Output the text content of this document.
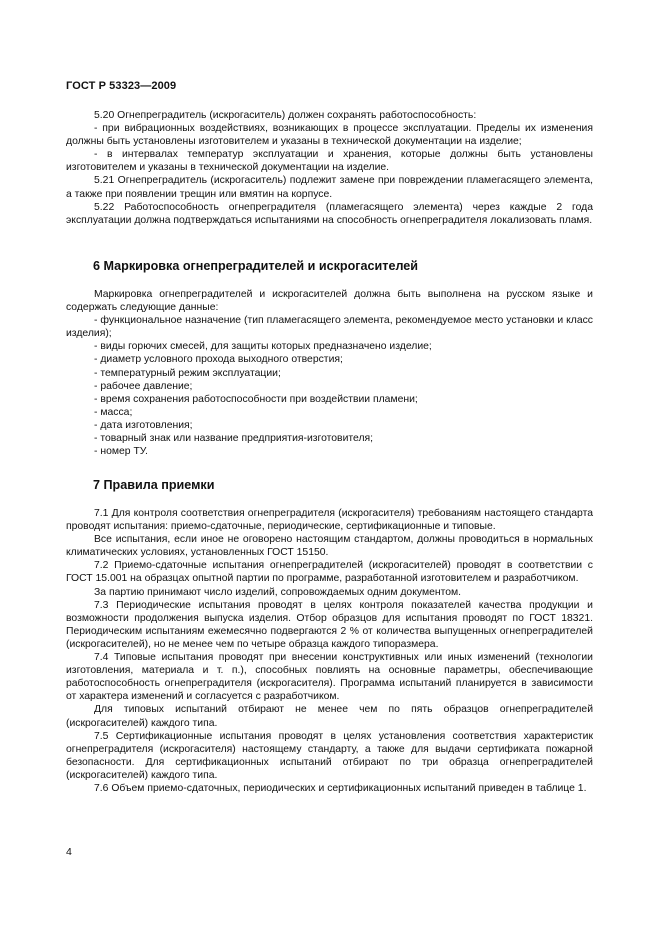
ГОСТ Р 53323—2009

5.20 Огнепреградитель (искрогаситель) должен сохранять работоспособность:

- при вибрационных воздействиях, возникающих в процессе эксплуатации. Пределы их изменения должны быть установлены изготовителем и указаны в технической документации на изделие;

- в интервалах температур эксплуатации и хранения, которые должны быть установлены изготовителем и указаны в технической документации на изделие.

5.21 Огнепреградитель (искрогаситель) подлежит замене при повреждении пламегасящего элемента, а также при появлении трещин или вмятин на корпусе.

5.22 Работоспособность огнепреградителя (пламегасящего элемента) через каждые 2 года эксплуатации должна подтверждаться испытаниями на способность огнепреградителя локализовать пламя.

6 Маркировка огнепреградителей и искрогасителей

Маркировка огнепреградителей и искрогасителей должна быть выполнена на русском языке и содержать следующие данные:

- функциональное назначение (тип пламегасящего элемента, рекомендуемое место установки и класс изделия);

- виды горючих смесей, для защиты которых предназначено изделие;

- диаметр условного прохода выходного отверстия;

- температурный режим эксплуатации;

- рабочее давление;

- время сохранения работоспособности при воздействии пламени;

- масса;

- дата изготовления;

- товарный знак или название предприятия-изготовителя;

- номер ТУ.

7 Правила приемки

7.1 Для контроля соответствия огнепреградителя (искрогасителя) требованиям настоящего стандарта проводят испытания: приемо-сдаточные, периодические, сертификационные и типовые.

Все испытания, если иное не оговорено настоящим стандартом, должны проводиться в нормальных климатических условиях, установленных ГОСТ 15150.

7.2 Приемо-сдаточные испытания огнепреградителей (искрогасителей) проводят в соответствии с ГОСТ 15.001 на образцах опытной партии по программе, разработанной изготовителем и разработчиком.

За партию принимают число изделий, сопровождаемых одним документом.

7.3 Периодические испытания проводят в целях контроля показателей качества продукции и возможности продолжения выпуска изделия. Отбор образцов для испытания проводят по ГОСТ 18321. Периодическим испытаниям ежемесячно подвергаются 2 % от количества выпущенных огнепреградителей (искрогасителей), но не менее чем по четыре образца каждого типоразмера.

7.4 Типовые испытания проводят при внесении конструктивных или иных изменений (технологии изготовления, материала и т. п.), способных повлиять на основные параметры, обеспечивающие работоспособность огнепреградителя (искрогасителя). Программа испытаний планируется в зависимости от характера изменений и согласуется с разработчиком.

Для типовых испытаний отбирают не менее чем по пять образцов огнепреградителей (искрогасителей) каждого типа.

7.5 Сертификационные испытания проводят в целях установления соответствия характеристик огнепреградителя (искрогасителя) настоящему стандарту, а также для выдачи сертификата пожарной безопасности. Для сертификационных испытаний отбирают по три образца огнепреградителей (искрогасителей) каждого типа.

7.6 Объем приемо-сдаточных, периодических и сертификационных испытаний приведен в таблице 1.

4
